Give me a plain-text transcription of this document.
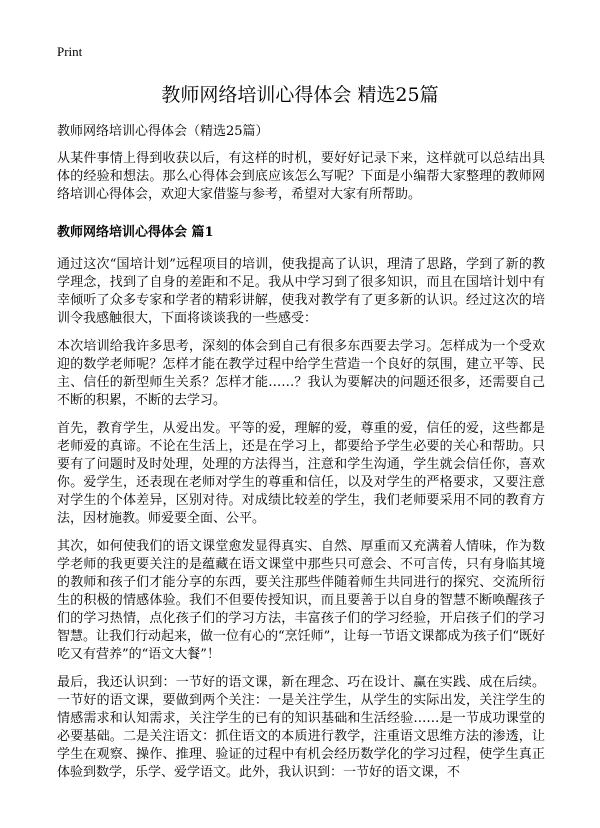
Print
教师网络培训心得体会 精选25篇

教师网络培训心得体会（精选25篇）

从某件事情上得到收获以后，有这样的时机，要好好记录下来，这样就可以总结出具体的经验和想法。那么心得体会到底应该怎么写呢？下面是小编帮大家整理的教师网络培训心得体会，欢迎大家借鉴与参考，希望对大家有所帮助。

教师网络培训心得体会 篇1

通过这次“国培计划”远程项目的培训，使我提高了认识，理清了思路，学到了新的教学理念，找到了自身的差距和不足。我从中学习到了很多知识，而且在国培计划中有幸倾听了众多专家和学者的精彩讲解，使我对教学有了更多新的认识。经过这次的培训令我感触很大，下面将谈谈我的一些感受：

本次培训给我许多思考，深刻的体会到自己有很多东西要去学习。怎样成为一个受欢迎的数学老师呢？怎样才能在教学过程中给学生营造一个良好的氛围，建立平等、民主、信任的新型师生关系？怎样才能……？我认为要解决的问题还很多，还需要自己不断的积累，不断的去学习。

首先，教育学生，从爱出发。平等的爱，理解的爱，尊重的爱，信任的爱，这些都是老师爱的真谛。不论在生活上，还是在学习上，都要给予学生必要的关心和帮助。只要有了问题时及时处理，处理的方法得当，注意和学生沟通，学生就会信任你，喜欢你。爱学生，还表现在老师对学生的尊重和信任，以及对学生的严格要求，又要注意对学生的个体差异，区别对待。对成绩比较差的学生，我们老师要采用不同的教育方法，因材施教。师爱要全面、公平。

其次，如何使我们的语文课堂愈发显得真实、自然、厚重而又充满着人情味，作为数学老师的我更要关注的是蕴藏在语文课堂中那些只可意会、不可言传，只有身临其境的教师和孩子们才能分享的东西，要关注那些伴随着师生共同进行的探究、交流所衍生的积极的情感体验。我们不但要传授知识，而且要善于以自身的智慧不断唤醒孩子们的学习热情，点化孩子们的学习方法，丰富孩子们的学习经验，开启孩子们的学习智慧。让我们行动起来，做一位有心的“烹饪师”，让每一节语文课都成为孩子们“既好吃又有营养”的“语文大餐”！

最后，我还认识到：一节好的语文课，新在理念、巧在设计、赢在实践、成在后续。一节好的语文课，要做到两个关注：一是关注学生，从学生的实际出发，关注学生的情感需求和认知需求，关注学生的已有的知识基础和生活经验……是一节成功课堂的必要基础。二是关注语文：抓住语文的本质进行教学，注重语文思维方法的渗透，让学生在观察、操作、推理、验证的过程中有机会经历数学化的学习过程，使学生真正体验到数学，乐学、爱学语文。此外，我认识到：一节好的语文课，不
